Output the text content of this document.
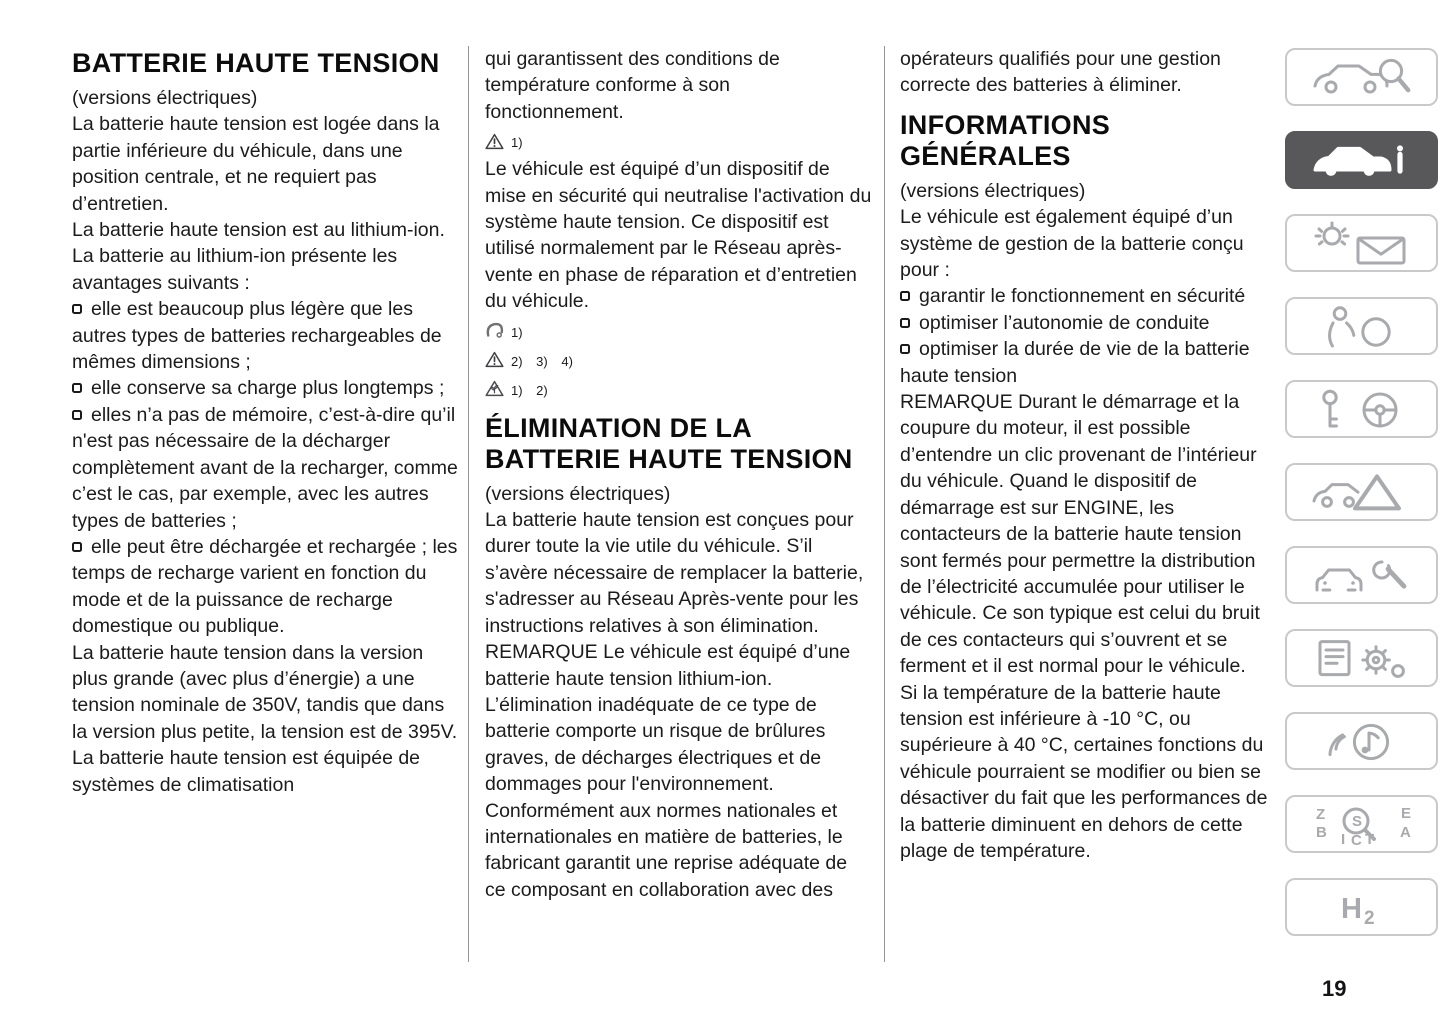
BATTERIE HAUTE TENSION

(versions électriques)

La batterie haute tension est logée dans la partie inférieure du véhicule, dans une position centrale, et ne requiert pas d’entretien.

La batterie haute tension est au lithium-ion.

La batterie au lithium-ion présente les avantages suivants :

elle est beaucoup plus légère que les autres types de batteries rechargeables de mêmes dimensions ;
elle conserve sa charge plus longtemps ;
elles n’a pas de mémoire, c’est-à-dire qu’il n'est pas nécessaire de la décharger complètement avant de la recharger, comme c’est le cas, par exemple, avec les autres types de batteries ;
elle peut être déchargée et rechargée ; les temps de recharge varient en fonction du mode et de la puissance de recharge domestique ou publique.

La batterie haute tension dans la version plus grande (avec plus d’énergie) a une tension nominale de 350V, tandis que dans la version plus petite, la tension est de 395V.

La batterie haute tension est équipée de systèmes de climatisation

qui garantissent des conditions de température conforme à son fonctionnement.

1)

Le véhicule est équipé d’un dispositif de mise en sécurité qui neutralise l'activation du système haute tension. Ce dispositif est utilisé normalement par le Réseau après-vente en phase de réparation et d’entretien du véhicule.

1)
2) 3) 4)
1) 2)
ÉLIMINATION DE LA BATTERIE HAUTE TENSION

(versions électriques)

La batterie haute tension est conçues pour durer toute la vie utile du véhicule. S’il s’avère nécessaire de remplacer la batterie, s'adresser au Réseau Après-vente pour les instructions relatives à son élimination.

REMARQUE Le véhicule est équipé d’une batterie haute tension lithium-ion. L’élimination inadéquate de ce type de batterie comporte un risque de brûlures graves, de décharges électriques et de dommages pour l'environnement. Conformément aux normes nationales et internationales en matière de batteries, le fabricant garantit une reprise adéquate de ce composant en collaboration avec des

opérateurs qualifiés pour une gestion correcte des batteries à éliminer.

INFORMATIONS GÉNÉRALES

(versions électriques)

Le véhicule est également équipé d’un système de gestion de la batterie conçu pour :

garantir le fonctionnement en sécurité
optimiser l’autonomie de conduite
optimiser la durée de vie de la batterie haute tension

REMARQUE Durant le démarrage et la coupure du moteur, il est possible d’entendre un clic provenant de l’intérieur du véhicule. Quand le dispositif de démarrage est sur ENGINE, les contacteurs de la batterie haute tension sont fermés pour permettre la distribution de l’électricité accumulée pour utiliser le véhicule. Ce son typique est celui du bruit de ces contacteurs qui s’ouvrent et se ferment et il est normal pour le véhicule.

Si la température de la batterie haute tension est inférieure à -10 °C, ou supérieure à 40 °C, certaines fonctions du véhicule pourraient se modifier ou bien se désactiver du fait que les performances de la batterie diminuent en dehors de cette plage de température.

Z	E
B	A
S
I C T
H 2
19
